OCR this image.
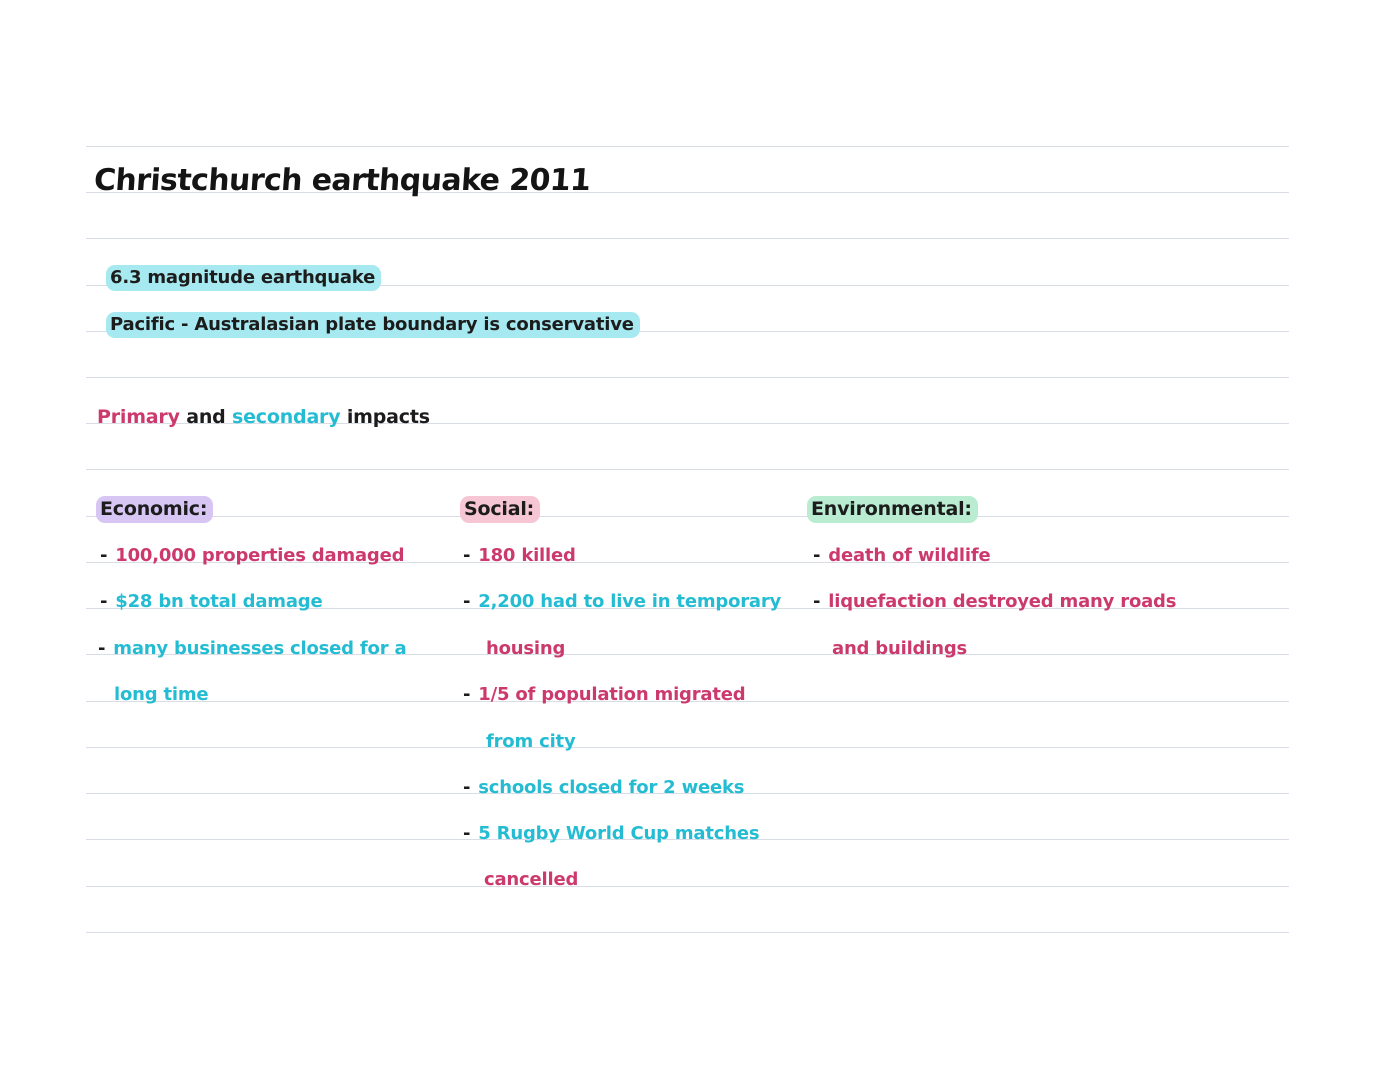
Christchurch earthquake 2011
6.3 magnitude earthquake
Pacific - Australasian plate boundary is conservative
Primary and secondary impacts
Economic:
- 100,000 properties damaged
- $28 bn total damage
- many businesses closed for a
long time
Social:
- 180 killed
- 2,200 had to live in temporary
housing
- 1/5 of population migrated
from city
- schools closed for 2 weeks
- 5 Rugby World Cup matches
cancelled
Environmental:
- death of wildlife
- liquefaction destroyed many roads
and buildings
